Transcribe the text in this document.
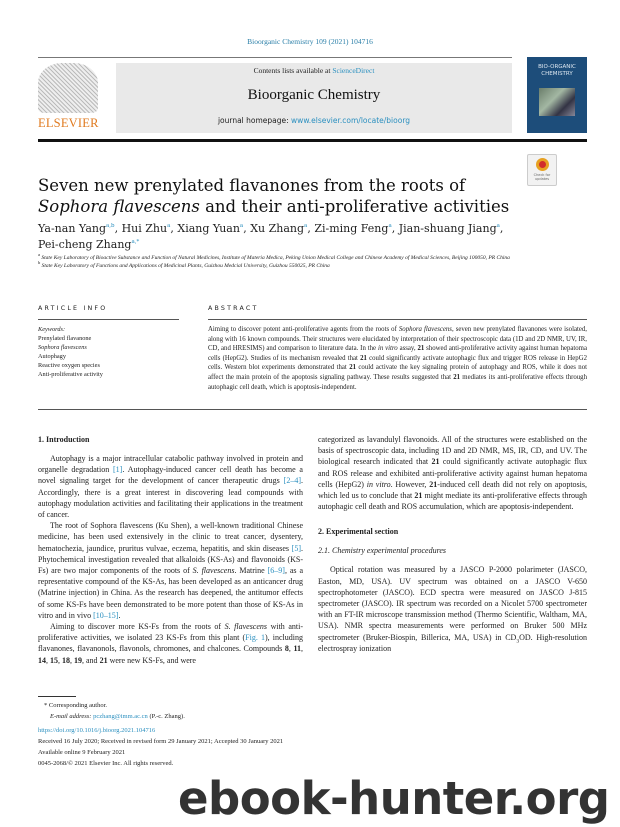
Bioorganic Chemistry 109 (2021) 104716
ELSEVIER
Contents lists available at ScienceDirect
Bioorganic Chemistry
journal homepage: www.elsevier.com/locate/bioorg
BIO-ORGANIC CHEMISTRY
Check for updates
Seven new prenylated flavanones from the roots of Sophora flavescens and their anti-proliferative activities
Ya-nan Yang$^{a,b}$, Hui Zhu$^a$, Xiang Yuan$^a$, Xu Zhang$^a$, Zi-ming Feng$^a$, Jian-shuang Jiang$^a$,
Pei-cheng Zhang$^{a,*}$
$^a$ State Key Laboratory of Bioactive Substance and Function of Natural Medicines, Institute of Materia Medica, Peking Union Medical College and Chinese Academy of Medical Sciences, Beijing 100050, PR China
$^b$ State Key Laboratory of Functions and Applications of Medicinal Plants, Guizhou Medcial University, Guizhou 550025, PR China
ARTICLE INFO	ABSTRACT
Keywords:
Prenylated flavanone
Sophora flavescens
Autophagy
Reactive oxygen species
Anti-proliferative activity
Aiming to discover potent anti-proliferative agents from the roots of Sophora flavescens, seven new prenylated flavanones were isolated, along with 16 known compounds. Their structures were elucidated by interpretation of their spectroscopic data (1D and 2D NMR, UV, IR, CD, and HRESIMS) and comparison to literature data. In the in vitro assay, 21 showed anti-proliferative activity against human hepatoma cells (HepG2). Studies of its mechanism revealed that 21 could significantly activate autophagic flux and trigger ROS release in HepG2 cells. Western blot experiments demonstrated that 21 could activate the key signaling protein of autophagy and ROS, while it does not affect the main protein of the apoptosis signaling pathway. These results suggested that 21 mediates its anti-proliferative effects through autophagic cell death, which is apoptosis-independent.
1. Introduction

Autophagy is a major intracellular catabolic pathway involved in protein and organelle degradation [1]. Autophagy-induced cancer cell death has become a novel signaling target for the development of cancer therapeutic drugs [2–4]. Accordingly, there is a great interest in discovering lead compounds with autophagy modulation activities and facilitating their applications in the treatment of cancer.

The root of Sophora flavescens (Ku Shen), a well-known traditional Chinese medicine, has been used extensively in the clinic to treat cancer, dysentery, hematochezia, jaundice, pruritus vulvae, eczema, hepatitis, and skin diseases [5]. Phytochemical investigation revealed that alkaloids (KS-As) and flavonoids (KS-Fs) are two major components of the roots of S. flavescens. Matrine [6–9], as a representative compound of the KS-As, has been developed as an anticancer drug (Matrine injection) in China. As the research has deepened, the antitumor effects of some KS-Fs have been demonstrated to be more potent than those of KS-As in vitro and in vivo [10–15].

Aiming to discover more KS-Fs from the roots of S. flavescens with anti-proliferative activities, we isolated 23 KS-Fs from this plant (Fig. 1), including flavanones, flavanonols, flavonols, chromones, and chalcones. Compounds 8, 11, 14, 15, 18, 19, and 21 were new KS-Fs, and were

categorized as lavandulyl flavonoids. All of the structures were established on the basis of spectroscopic data, including 1D and 2D NMR, MS, IR, CD, and UV. The biological research indicated that 21 could significantly activate autophagic flux and ROS release and exhibited anti-proliferative activity against human hepatoma cells (HepG2) in vitro. However, 21-induced cell death did not rely on apoptosis, which led us to conclude that 21 might mediate its anti-proliferative effects through autophagic cell death and ROS accumulation, which are apoptosis-independent.
2. Experimental section
2.1. Chemistry experimental procedures

Optical rotation was measured by a JASCO P-2000 polarimeter (JASCO, Easton, MD, USA). UV spectrum was obtained on a JASCO V-650 spectrophotometer (JASCO). ECD spectra were measured on JASCO J-815 spectrometer (JASCO). IR spectrum was recorded on a Nicolet 5700 spectrometer with an FT-IR microscope transmission method (Thermo Scientific, Waltham, MA, USA). NMR spectra measurements were performed on Bruker 500 MHz spectrometer (Bruker-Biospin, Billerica, MA, USA) in $CD_3OD$. High-resolution electrospray ionization

* Corresponding author.
E-mail address: pczhang@imm.ac.cn (P.-c. Zhang).
https://doi.org/10.1016/j.bioorg.2021.104716
Received 16 July 2020; Received in revised form 29 January 2021; Accepted 30 January 2021
Available online 9 February 2021
0045-2068/© 2021 Elsevier Inc. All rights reserved.
ebook-hunter.org
